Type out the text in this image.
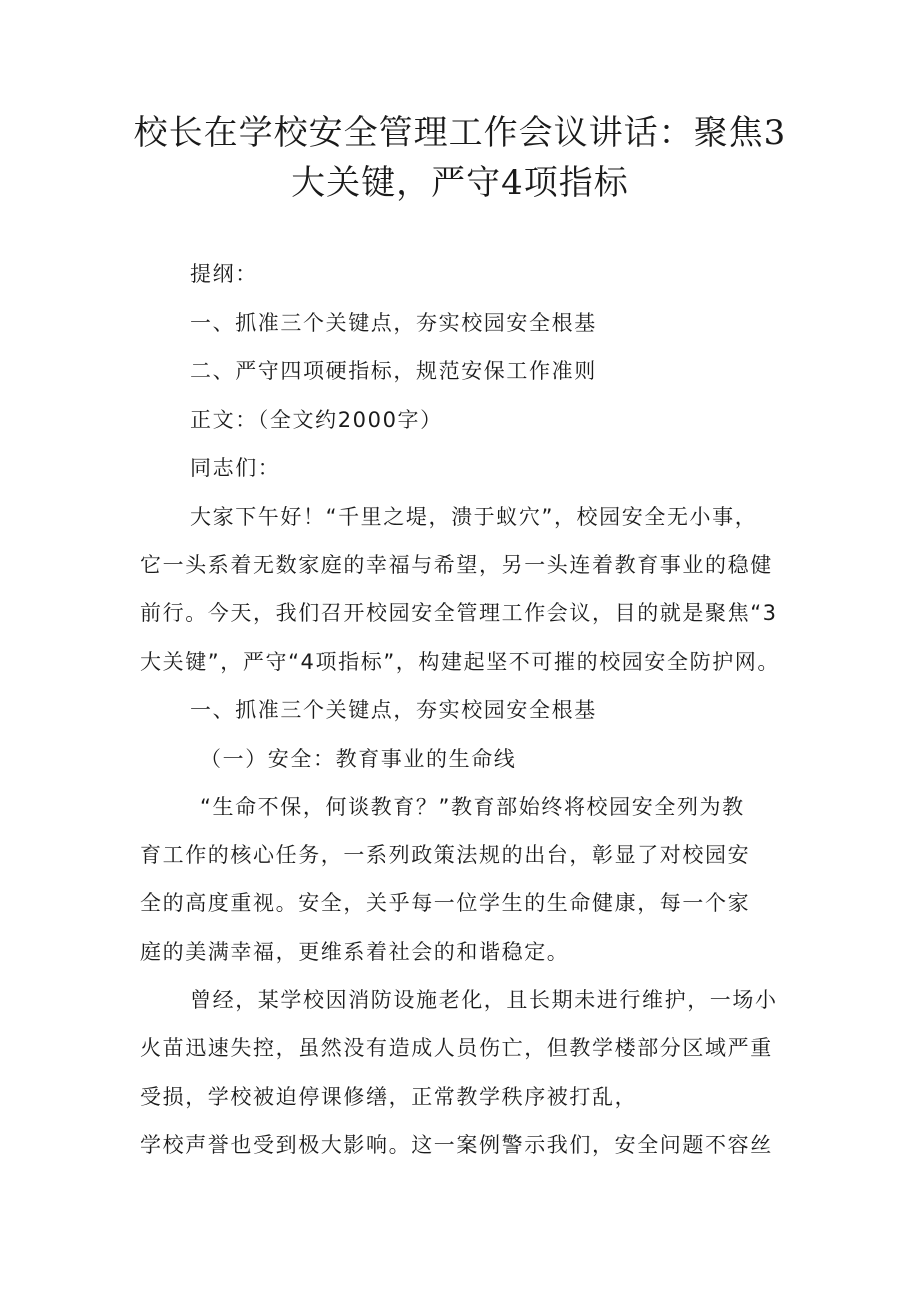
校长在学校安全管理工作会议讲话：聚焦3
大关键，严守4项指标
提纲：
一、抓准三个关键点，夯实校园安全根基
二、严守四项硬指标，规范安保工作准则
正文：（全文约2000字）
同志们：
大家下午好！“千里之堤，溃于蚁穴”，校园安全无小事，
它一头系着无数家庭的幸福与希望，另一头连着教育事业的稳健
前行。今天，我们召开校园安全管理工作会议，目的就是聚焦“3
大关键”，严守“4项指标”，构建起坚不可摧的校园安全防护网。
一、抓准三个关键点，夯实校园安全根基
（一）安全：教育事业的生命线
“生命不保，何谈教育？”教育部始终将校园安全列为教
育工作的核心任务，一系列政策法规的出台，彰显了对校园安
全的高度重视。安全，关乎每一位学生的生命健康，每一个家
庭的美满幸福，更维系着社会的和谐稳定。
曾经，某学校因消防设施老化，且长期未进行维护，一场小
火苗迅速失控，虽然没有造成人员伤亡，但教学楼部分区域严重
受损，学校被迫停课修缮，正常教学秩序被打乱，
学校声誉也受到极大影响。这一案例警示我们，安全问题不容丝
